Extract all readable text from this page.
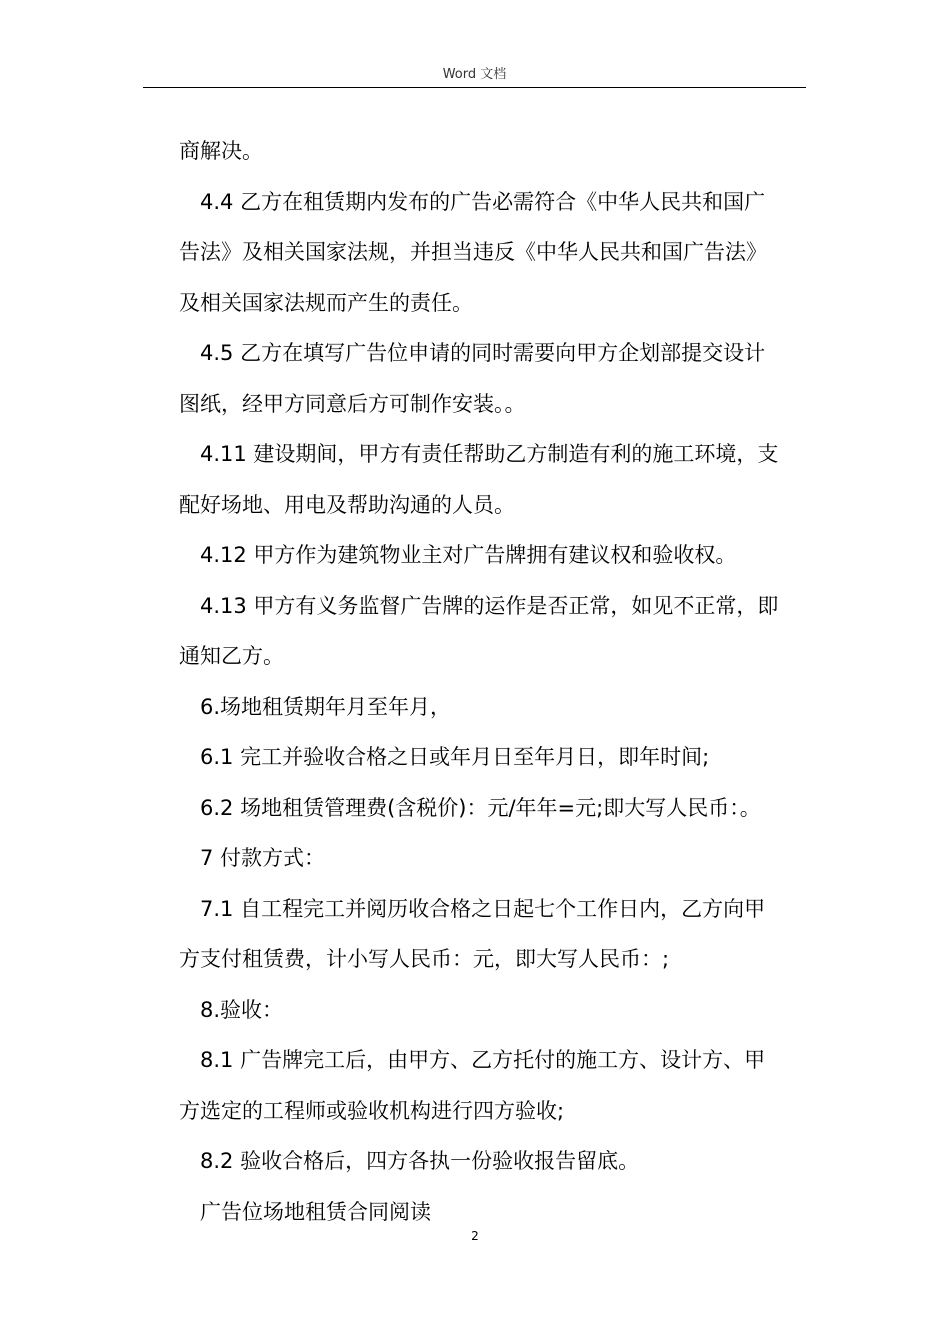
Word 文档
商解决。
4.4 乙方在租赁期内发布的广告必需符合《中华人民共和国广
告法》及相关国家法规，并担当违反《中华人民共和国广告法》
及相关国家法规而产生的责任。
4.5 乙方在填写广告位申请的同时需要向甲方企划部提交设计
图纸，经甲方同意后方可制作安装。。
4.11 建设期间，甲方有责任帮助乙方制造有利的施工环境，支
配好场地、用电及帮助沟通的人员。
4.12 甲方作为建筑物业主对广告牌拥有建议权和验收权。
4.13 甲方有义务监督广告牌的运作是否正常，如见不正常，即
通知乙方。
6.场地租赁期年月至年月，
6.1 完工并验收合格之日或年月日至年月日，即年时间;
6.2 场地租赁管理费(含税价)：元/年年=元;即大写人民币：。
7 付款方式：
7.1 自工程完工并阅历收合格之日起七个工作日内，乙方向甲
方支付租赁费，计小写人民币：元，即大写人民币：;
8.验收：
8.1 广告牌完工后，由甲方、乙方托付的施工方、设计方、甲
方选定的工程师或验收机构进行四方验收;
8.2 验收合格后，四方各执一份验收报告留底。
广告位场地租赁合同阅读
2
